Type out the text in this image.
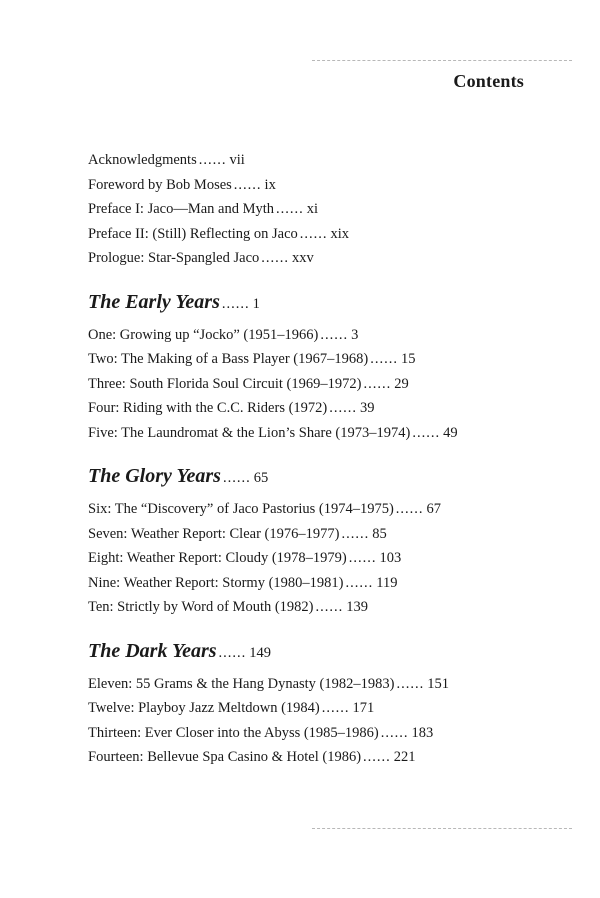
Contents
Acknowledgments ...... vii
Foreword by Bob Moses ...... ix
Preface I: Jaco—Man and Myth ...... xi
Preface II: (Still) Reflecting on Jaco ...... xix
Prologue: Star-Spangled Jaco ...... xxv
The Early Years ...... 1
One: Growing up “Jocko” (1951–1966) ...... 3
Two: The Making of a Bass Player (1967–1968) ...... 15
Three: South Florida Soul Circuit (1969–1972) ...... 29
Four: Riding with the C.C. Riders (1972) ...... 39
Five: The Laundromat & the Lion’s Share (1973–1974) ...... 49
The Glory Years ...... 65
Six: The “Discovery” of Jaco Pastorius (1974–1975) ...... 67
Seven: Weather Report: Clear (1976–1977) ...... 85
Eight: Weather Report: Cloudy (1978–1979) ...... 103
Nine: Weather Report: Stormy (1980–1981) ...... 119
Ten: Strictly by Word of Mouth (1982) ...... 139
The Dark Years ...... 149
Eleven: 55 Grams & the Hang Dynasty (1982–1983) ...... 151
Twelve: Playboy Jazz Meltdown (1984) ...... 171
Thirteen: Ever Closer into the Abyss (1985–1986) ...... 183
Fourteen: Bellevue Spa Casino & Hotel (1986) ...... 221
